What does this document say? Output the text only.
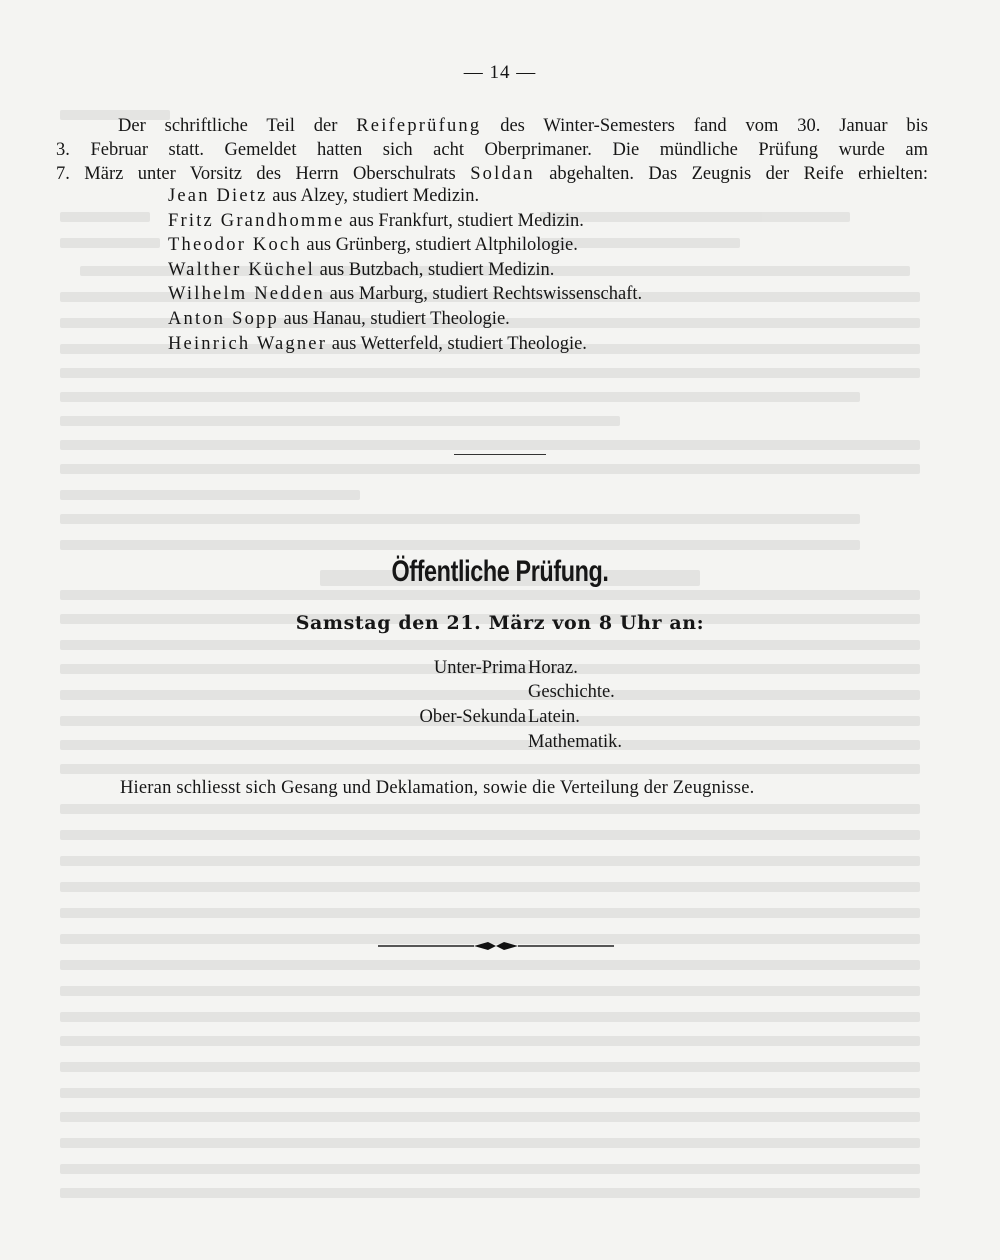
— 14 —
Der schriftliche Teil der Reifeprüfung des Winter-Semesters fand vom 30. Januar bis
3. Februar statt. Gemeldet hatten sich acht Oberprimaner. Die mündliche Prüfung wurde am
7. März unter Vorsitz des Herrn Oberschulrats Soldan abgehalten. Das Zeugnis der Reife erhielten:
Jean Dietz aus Alzey, studiert Medizin.
Fritz Grandhomme aus Frankfurt, studiert Medizin.
Theodor Koch aus Grünberg, studiert Altphilologie.
Walther Küchel aus Butzbach, studiert Medizin.
Wilhelm Nedden aus Marburg, studiert Rechtswissenschaft.
Anton Sopp aus Hanau, studiert Theologie.
Heinrich Wagner aus Wetterfeld, studiert Theologie.
Öffentliche Prüfung.
Samstag den 21. März von 8 Uhr an:
Unter-Prima Horaz.
Geschichte.
Ober-Sekunda Latein.
Mathematik.
Hieran schliesst sich Gesang und Deklamation, sowie die Verteilung der Zeugnisse.
